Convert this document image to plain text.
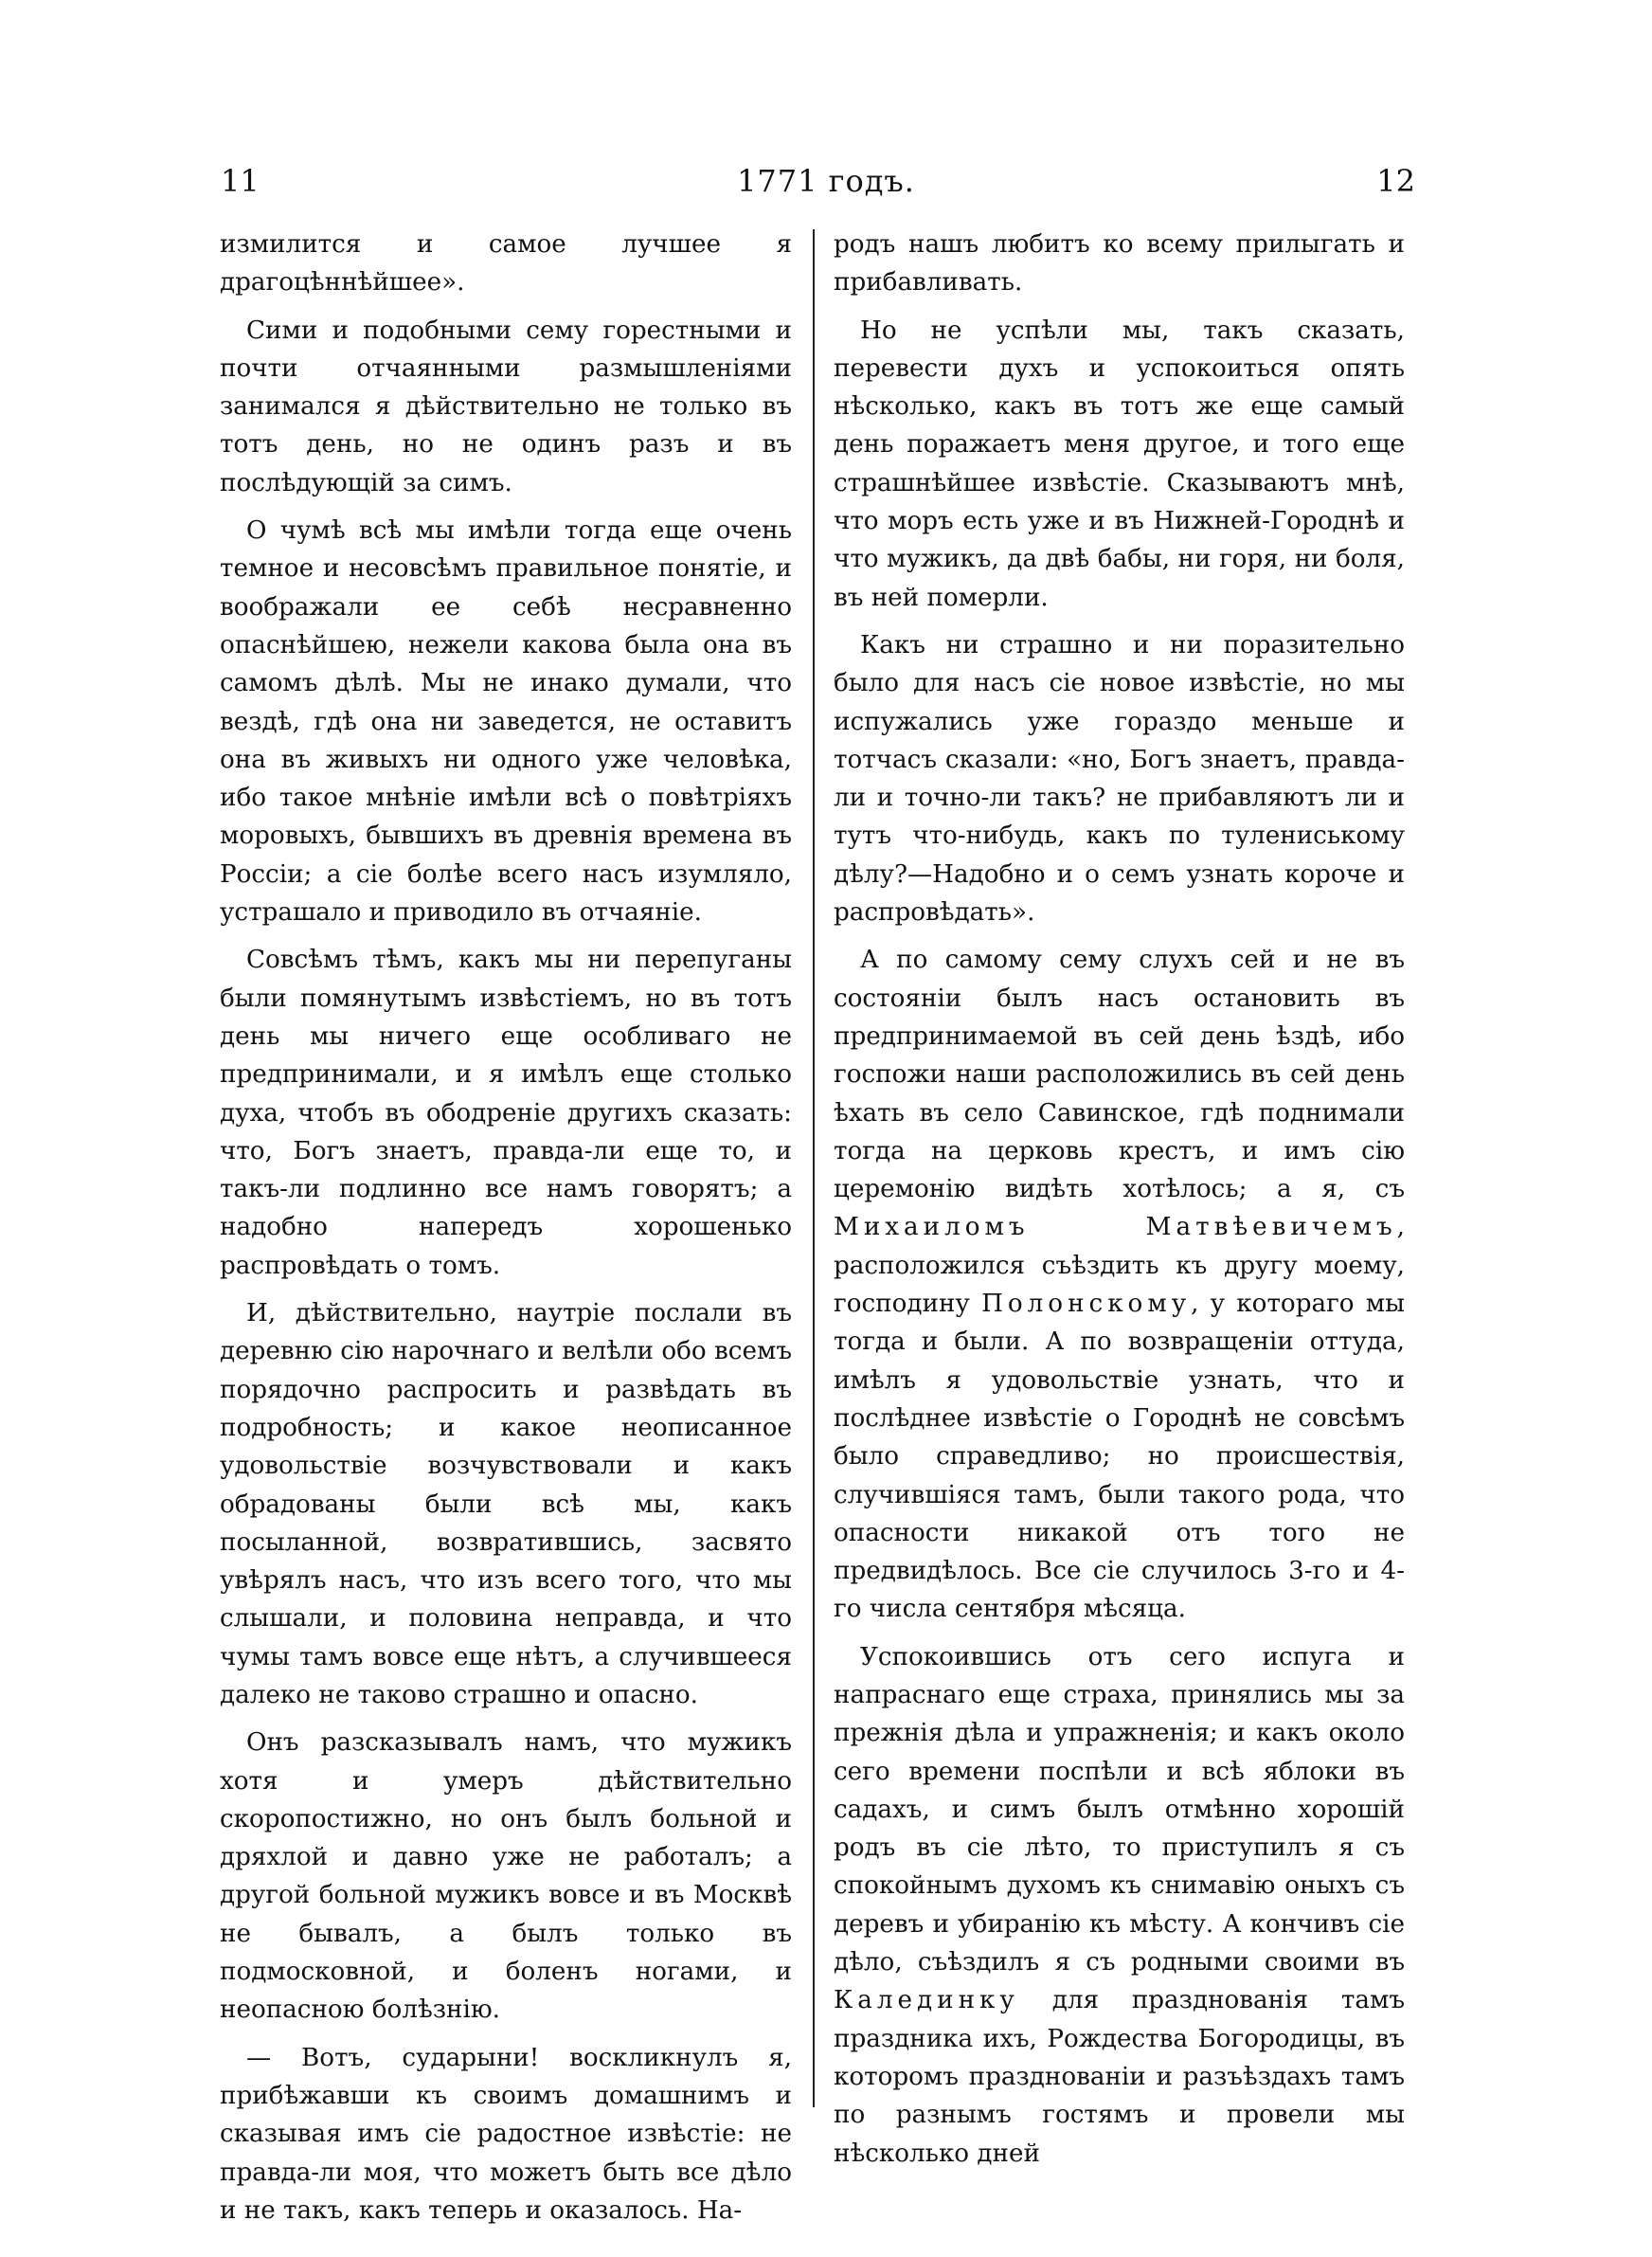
11	1771 годъ.	12

измилится и самое лучшее я драгоцѣннѣйшее».

Сими и подобными сему горестными и почти отчаянными размышленіями занимался я дѣйствительно не только въ тотъ день, но не одинъ разъ и въ послѣдующій за симъ.

О чумѣ всѣ мы имѣли тогда еще очень темное и несовсѣмъ правильное понятіе, и воображали ее себѣ несравненно опаснѣйшею, нежели какова была она въ самомъ дѣлѣ. Мы не инако думали, что вездѣ, гдѣ она ни заведется, не оставитъ она въ живыхъ ни одного уже человѣка, ибо такое мнѣніе имѣли всѣ о повѣтріяхъ моровыхъ, бывшихъ въ древнія времена въ Россіи; а сіе болѣе всего насъ изумляло, устрашало и приводило въ отчаяніе.

Совсѣмъ тѣмъ, какъ мы ни перепуганы были помянутымъ извѣстіемъ, но въ тотъ день мы ничего еще особливаго не предпринимали, и я имѣлъ еще столько духа, чтобъ въ ободреніе другихъ сказать: что, Богъ знаетъ, правда-ли еще то, и такъ-ли подлинно все намъ говорятъ; а надобно напередъ хорошенько распровѣдать о томъ.

И, дѣйствительно, наутріе послали въ деревню сію нарочнаго и велѣли обо всемъ порядочно распросить и развѣдать въ подробность; и какое неописанное удовольствіе возчувствовали и какъ обрадованы были всѣ мы, какъ посыланной, возвратившись, засвято увѣрялъ насъ, что изъ всего того, что мы слышали, и половина неправда, и что чумы тамъ вовсе еще нѣтъ, а случившееся далеко не таково страшно и опасно.

Онъ разсказывалъ намъ, что мужикъ хотя и умеръ дѣйствительно скоропостижно, но онъ былъ больной и дряхлой и давно уже не работалъ; а другой больной мужикъ вовсе и въ Москвѣ не бывалъ, а былъ только въ подмосковной, и боленъ ногами, и неопасною болѣзнію.

— Вотъ, сударыни! воскликнулъ я, прибѣжавши къ своимъ домашнимъ и сказывая имъ сіе радостное извѣстіе: не правда-ли моя, что можетъ быть все дѣло и не такъ, какъ теперь и оказалось. На-

родъ нашъ любитъ ко всему прилыгать и прибавливать.

Но не успѣли мы, такъ сказать, перевести духъ и успокоиться опять нѣсколько, какъ въ тотъ же еще самый день поражаетъ меня другое, и того еще страшнѣйшее извѣстіе. Сказываютъ мнѣ, что моръ есть уже и въ Нижней-Городнѣ и что мужикъ, да двѣ бабы, ни горя, ни боля, въ ней померли.

Какъ ни страшно и ни поразительно было для насъ сіе новое извѣстіе, но мы испужались уже гораздо меньше и тотчасъ сказали: «но, Богъ знаетъ, правда-ли и точно-ли такъ? не прибавляютъ ли и тутъ что-нибудь, какъ по тулениському дѣлу?—Надобно и о семъ узнать короче и распровѣдать».

А по самому сему слухъ сей и не въ состояніи былъ насъ остановить въ предпринимаемой въ сей день ѣздѣ, ибо госпожи наши расположились въ сей день ѣхать въ село Савинское, гдѣ поднимали тогда на церковь крестъ, и имъ сію церемонію видѣть хотѣлось; а я, съ Михаиломъ Матвѣевичемъ, расположился съѣздить къ другу моему, господину Полонскому, у котораго мы тогда и были. А по возвращеніи оттуда, имѣлъ я удовольствіе узнать, что и послѣднее извѣстіе о Городнѣ не совсѣмъ было справедливо; но происшествія, случившіяся тамъ, были такого рода, что опасности никакой отъ того не предвидѣлось. Все сіе случилось 3-го и 4-го числа сентября мѣсяца.

Успокоившись отъ сего испуга и напраснаго еще страха, принялись мы за прежнія дѣла и упражненія; и какъ около сего времени поспѣли и всѣ яблоки въ садахъ, и симъ былъ отмѣнно хорошій родъ въ сіе лѣто, то приступилъ я съ спокойнымъ духомъ къ снимавію оныхъ съ деревъ и убиранію къ мѣсту. А кончивъ сіе дѣло, съѣздилъ я съ родными своими въ Калединку для празднованія тамъ праздника ихъ, Рождества Богородицы, въ которомъ празднованіи и разъѣздахъ тамъ по разнымъ гостямъ и провели мы нѣсколько дней
